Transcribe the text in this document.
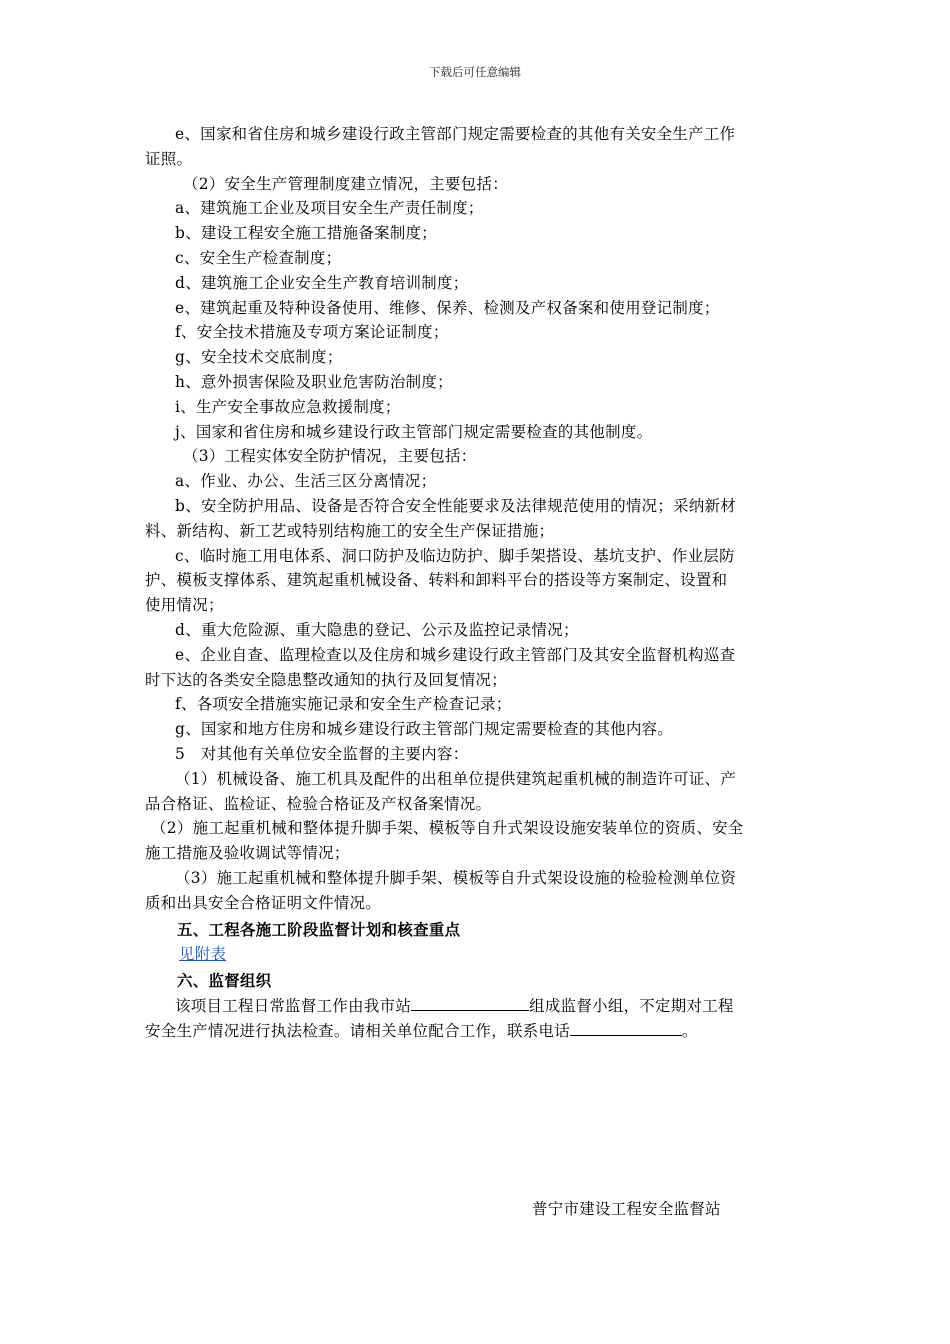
下载后可任意编辑

e、国家和省住房和城乡建设行政主管部门规定需要检查的其他有关安全生产工作

证照。

（2）安全生产管理制度建立情况，主要包括：

a、建筑施工企业及项目安全生产责任制度；

b、建设工程安全施工措施备案制度；

c、安全生产检查制度；

d、建筑施工企业安全生产教育培训制度；

e、建筑起重及特种设备使用、维修、保养、检测及产权备案和使用登记制度；

f、安全技术措施及专项方案论证制度；

g、安全技术交底制度；

h、意外损害保险及职业危害防治制度；

i、生产安全事故应急救援制度；

j、国家和省住房和城乡建设行政主管部门规定需要检查的其他制度。

（3）工程实体安全防护情况，主要包括：

a、作业、办公、生活三区分离情况；

b、安全防护用品、设备是否符合安全性能要求及法律规范使用的情况；采纳新材

料、新结构、新工艺或特别结构施工的安全生产保证措施；

c、临时施工用电体系、洞口防护及临边防护、脚手架搭设、基坑支护、作业层防

护、模板支撑体系、建筑起重机械设备、转料和卸料平台的搭设等方案制定、设置和

使用情况；

d、重大危险源、重大隐患的登记、公示及监控记录情况；

e、企业自查、监理检查以及住房和城乡建设行政主管部门及其安全监督机构巡查

时下达的各类安全隐患整改通知的执行及回复情况；

f、各项安全措施实施记录和安全生产检查记录；

g、国家和地方住房和城乡建设行政主管部门规定需要检查的其他内容。

5　对其他有关单位安全监督的主要内容：

（1）机械设备、施工机具及配件的出租单位提供建筑起重机械的制造许可证、产

品合格证、监检证、检验合格证及产权备案情况。

（2）施工起重机械和整体提升脚手架、模板等自升式架设设施安装单位的资质、安全

施工措施及验收调试等情况；

（3）施工起重机械和整体提升脚手架、模板等自升式架设设施的检验检测单位资

质和出具安全合格证明文件情况。

五、工程各施工阶段监督计划和核查重点

见附表

六、监督组织

该项目工程日常监督工作由我市站	组成监督小组，不定期对工程

安全生产情况进行执法检查。请相关单位配合工作，联系电话	。

普宁市建设工程安全监督站
